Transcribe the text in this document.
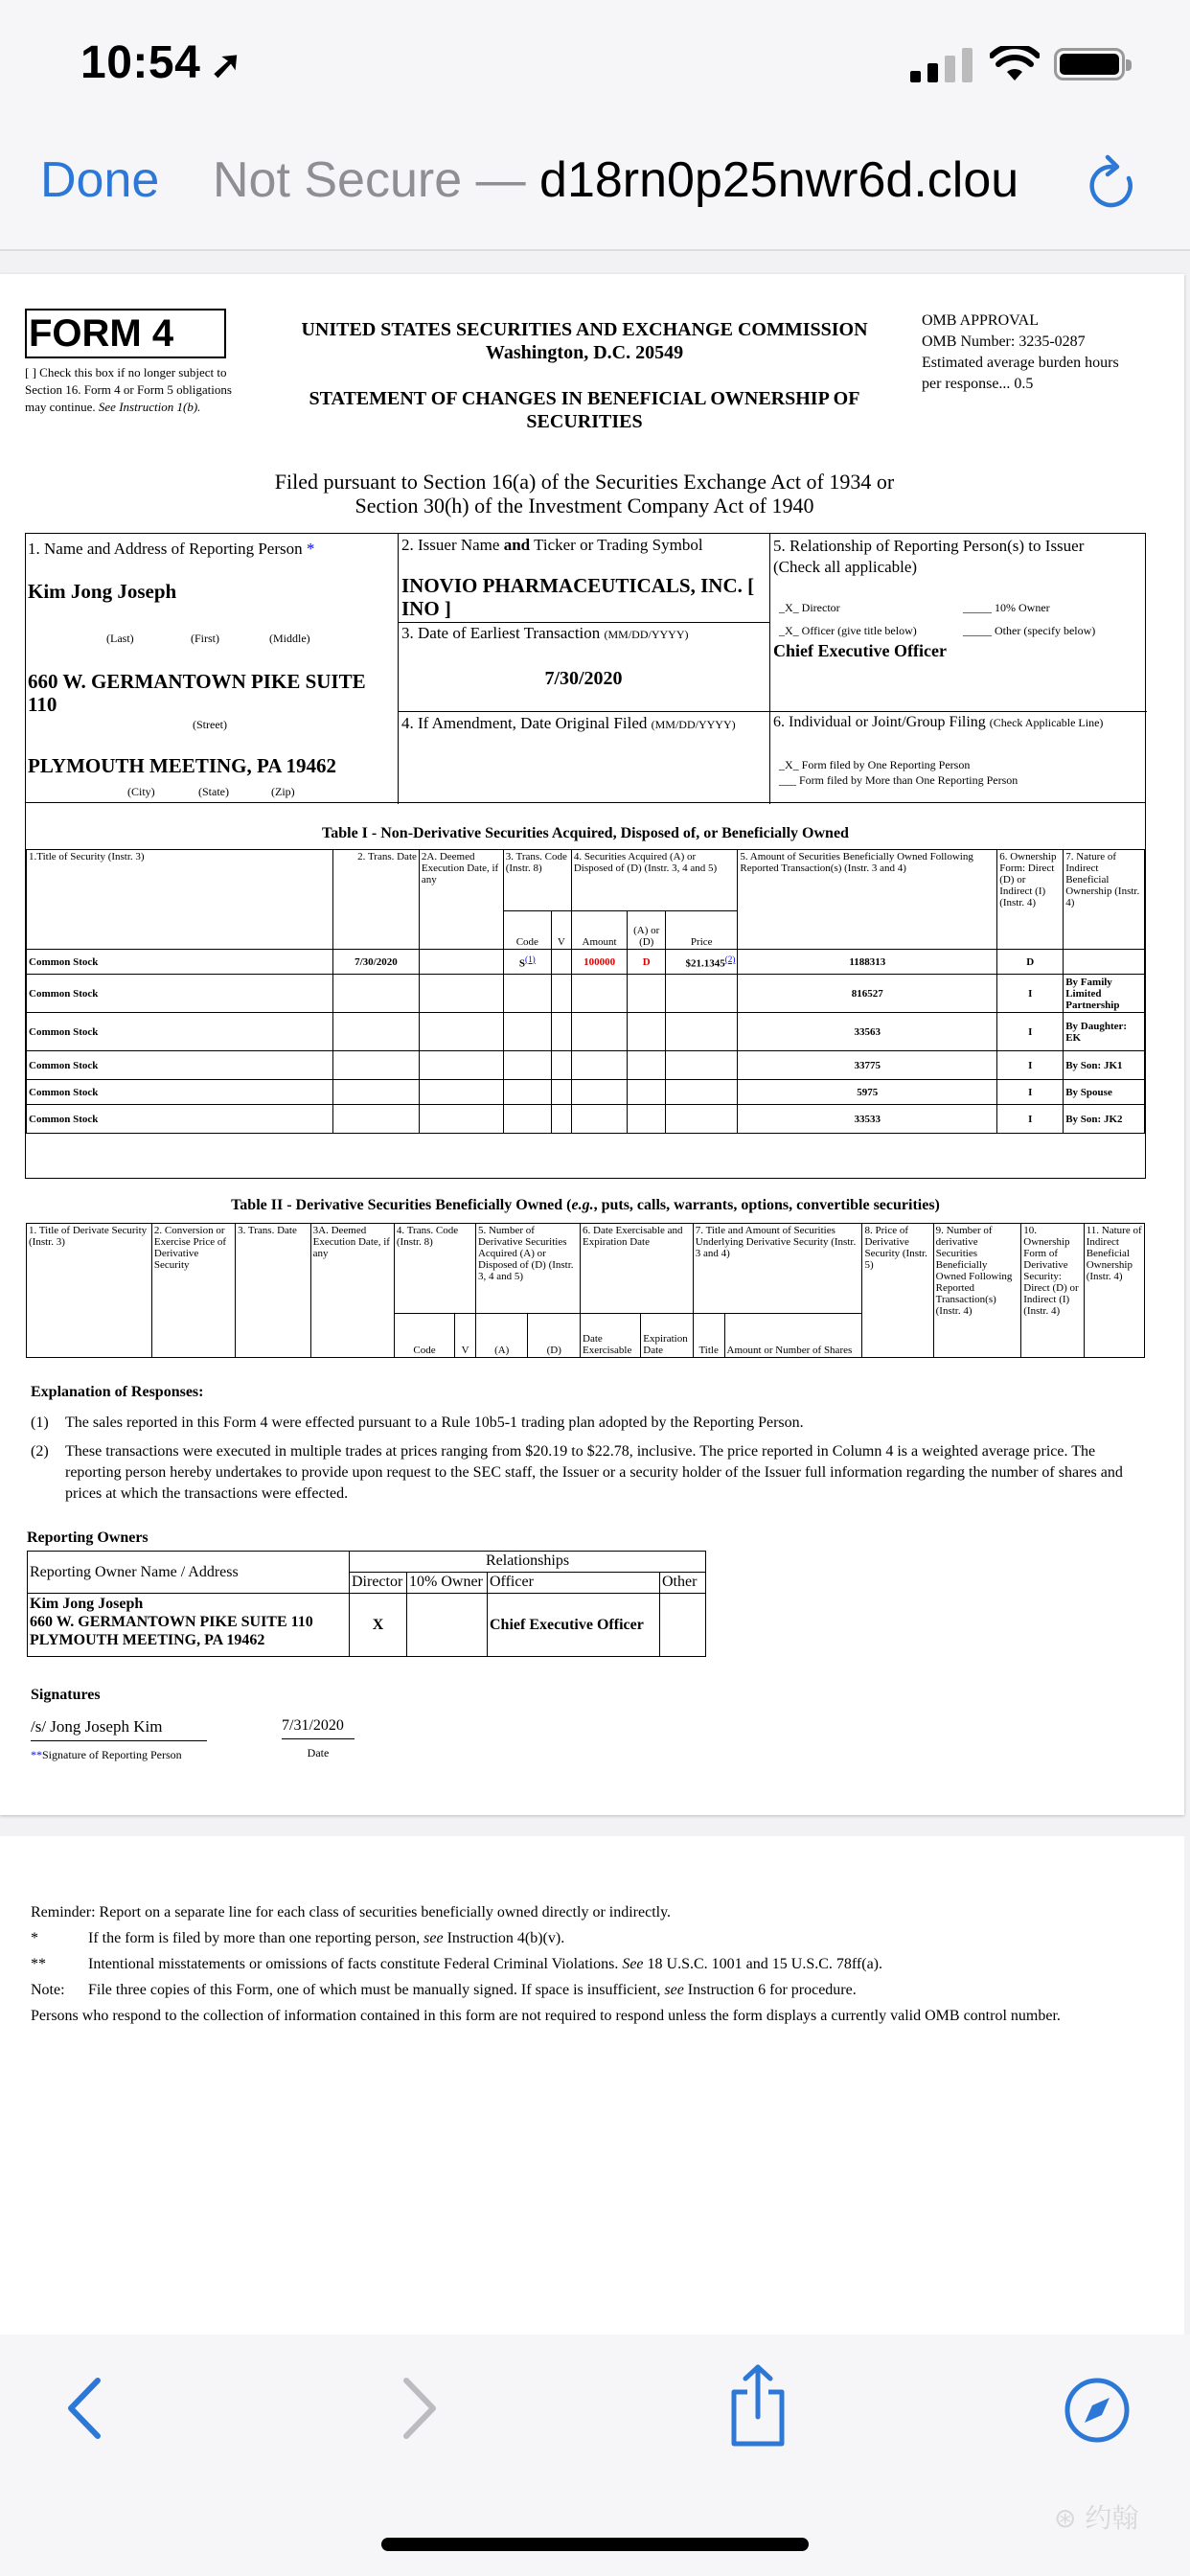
10:54 ➚
Done Not Secure — d18rn0p25nwr6d.clou
FORM 4
[ ] Check this box if no longer subject to Section 16. Form 4 or Form 5 obligations may continue. See Instruction 1(b).
UNITED STATES SECURITIES AND EXCHANGE COMMISSION
Washington, D.C. 20549
STATEMENT OF CHANGES IN BENEFICIAL OWNERSHIP OF SECURITIES
OMB APPROVAL
OMB Number: 3235-0287
Estimated average burden hours per response... 0.5
Filed pursuant to Section 16(a) of the Securities Exchange Act of 1934 or
Section 30(h) of the Investment Company Act of 1940
1. Name and Address of Reporting Person *
Kim Jong Joseph
(Last)	(First)	(Middle)
660 W. GERMANTOWN PIKE SUITE 110
(Street)
PLYMOUTH MEETING, PA 19462
(City)	(State)	(Zip)
2. Issuer Name and Ticker or Trading Symbol
INOVIO PHARMACEUTICALS, INC. [ INO ]
3. Date of Earliest Transaction (MM/DD/YYYY)
7/30/2020
4. If Amendment, Date Original Filed (MM/DD/YYYY)
5. Relationship of Reporting Person(s) to Issuer
(Check all applicable)
_X_ Director	_____ 10% Owner
_X_ Officer (give title below)	_____ Other (specify below)
Chief Executive Officer
6. Individual or Joint/Group Filing (Check Applicable Line)
_X_ Form filed by One Reporting Person
___ Form filed by More than One Reporting Person
Table I - Non-Derivative Securities Acquired, Disposed of, or Beneficially Owned
1.Title of Security (Instr. 3)	2. Trans. Date	2A. Deemed Execution Date, if any	3. Trans. Code (Instr. 8)		4. Securities Acquired (A) or Disposed of (D) (Instr. 3, 4 and 5)			5. Amount of Securities Beneficially Owned Following Reported Transaction(s) (Instr. 3 and 4)	6. Ownership Form: Direct (D) or Indirect (I) (Instr. 4)	7. Nature of Indirect Beneficial Ownership (Instr. 4)
			Code	V	Amount	(A) or (D)	Price			
Common Stock	7/30/2020		$S^{(1)}$		100000	D	$21.1345$^{(2)}$	1188313	D	
Common Stock								816527	I	By Family Limited Partnership
Common Stock								33563	I	By Daughter: EK
Common Stock								33775	I	By Son: JK1
Common Stock								5975	I	By Spouse
Common Stock								33533	I	By Son: JK2
Table II - Derivative Securities Beneficially Owned (e.g., puts, calls, warrants, options, convertible securities)
1. Title of Derivate Security (Instr. 3)	2. Conversion or Exercise Price of Derivative Security	3. Trans. Date	3A. Deemed Execution Date, if any	4. Trans. Code (Instr. 8)		5. Number of Derivative Securities Acquired (A) or Disposed of (D) (Instr. 3, 4 and 5)		6. Date Exercisable and Expiration Date		7. Title and Amount of Securities Underlying Derivative Security (Instr. 3 and 4)		8. Price of Derivative Security (Instr. 5)	9. Number of derivative Securities Beneficially Owned Following Reported Transaction(s) (Instr. 4)	10. Ownership Form of Derivative Security: Direct (D) or Indirect (I) (Instr. 4)	11. Nature of Indirect Beneficial Ownership (Instr. 4)
				Code	V	(A)	(D)	Date Exercisable	Expiration Date	Title	Amount or Number of Shares				
Explanation of Responses:
(1)	The sales reported in this Form 4 were effected pursuant to a Rule 10b5-1 trading plan adopted by the Reporting Person.
(2)	These transactions were executed in multiple trades at prices ranging from $20.19 to $22.78, inclusive. The price reported in Column 4 is a weighted average price. The reporting person hereby undertakes to provide upon request to the SEC staff, the Issuer or a security holder of the Issuer full information regarding the number of shares and prices at which the transactions were effected.
Reporting Owners
Reporting Owner Name / Address	Relationships			
	Director	10% Owner	Officer	Other

Kim Jong Joseph
660 W. GERMANTOWN PIKE SUITE 110
PLYMOUTH MEETING, PA 19462	X		Chief Executive Officer	
Signatures
/s/ Jong Joseph Kim	7/31/2020
**Signature of Reporting Person	Date
Reminder: Report on a separate line for each class of securities beneficially owned directly or indirectly.
*	If the form is filed by more than one reporting person, see Instruction 4(b)(v).
**	Intentional misstatements or omissions of facts constitute Federal Criminal Violations. See 18 U.S.C. 1001 and 15 U.S.C. 78ff(a).
Note:	File three copies of this Form, one of which must be manually signed. If space is insufficient, see Instruction 6 for procedure.
Persons who respond to the collection of information contained in this form are not required to respond unless the form displays a currently valid OMB control number.
⊛ 约翰
